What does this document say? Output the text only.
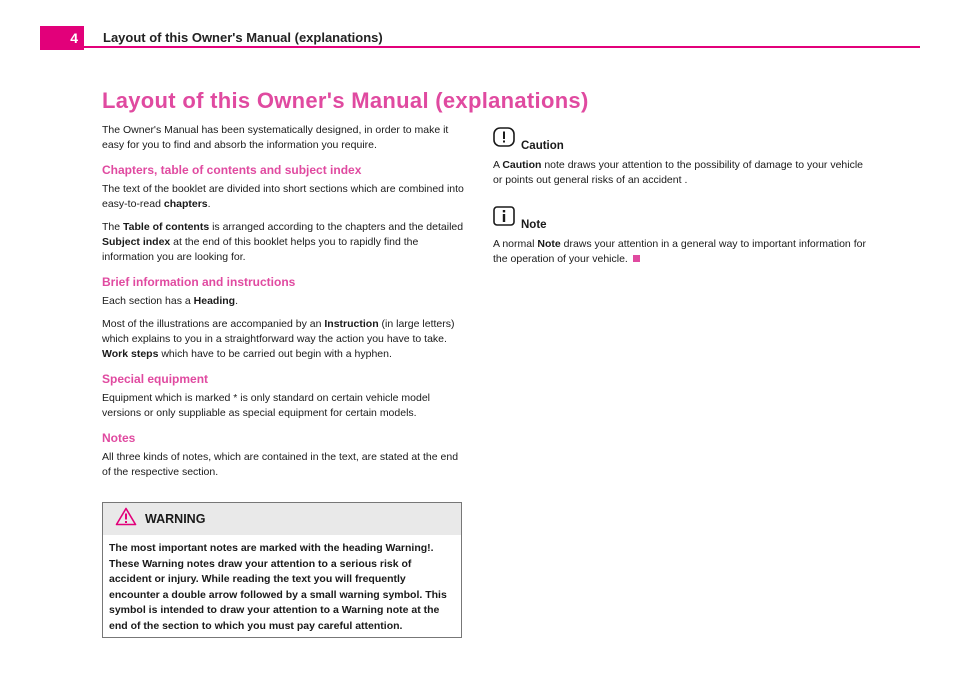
4	Layout of this Owner's Manual (explanations)
Layout of this Owner's Manual (explanations)

The Owner's Manual has been systematically designed, in order to make it easy for you to find and absorb the information you require.

Chapters, table of contents and subject index

The text of the booklet are divided into short sections which are combined into easy-to-read chapters.

The Table of contents is arranged according to the chapters and the detailed Subject index at the end of this booklet helps you to rapidly find the information you are looking for.

Brief information and instructions

Each section has a Heading.

Most of the illustrations are accompanied by an Instruction (in large letters) which explains to you in a straightforward way the action you have to take. Work steps which have to be carried out begin with a hyphen.

Special equipment

Equipment which is marked * is only standard on certain vehicle model versions or only suppliable as special equipment for certain models.

Notes

All three kinds of notes, which are contained in the text, are stated at the end of the respective section.

WARNING
The most important notes are marked with the heading Warning!. These Warning notes draw your attention to a serious risk of accident or injury. While reading the text you will frequently encounter a double arrow followed by a small warning symbol. This symbol is intended to draw your attention to a Warning note at the end of the section to which you must pay careful attention.
Caution

A Caution note draws your attention to the possibility of damage to your vehicle or points out general risks of an accident .

Note

A normal Note draws your attention in a general way to important information for the operation of your vehicle.
